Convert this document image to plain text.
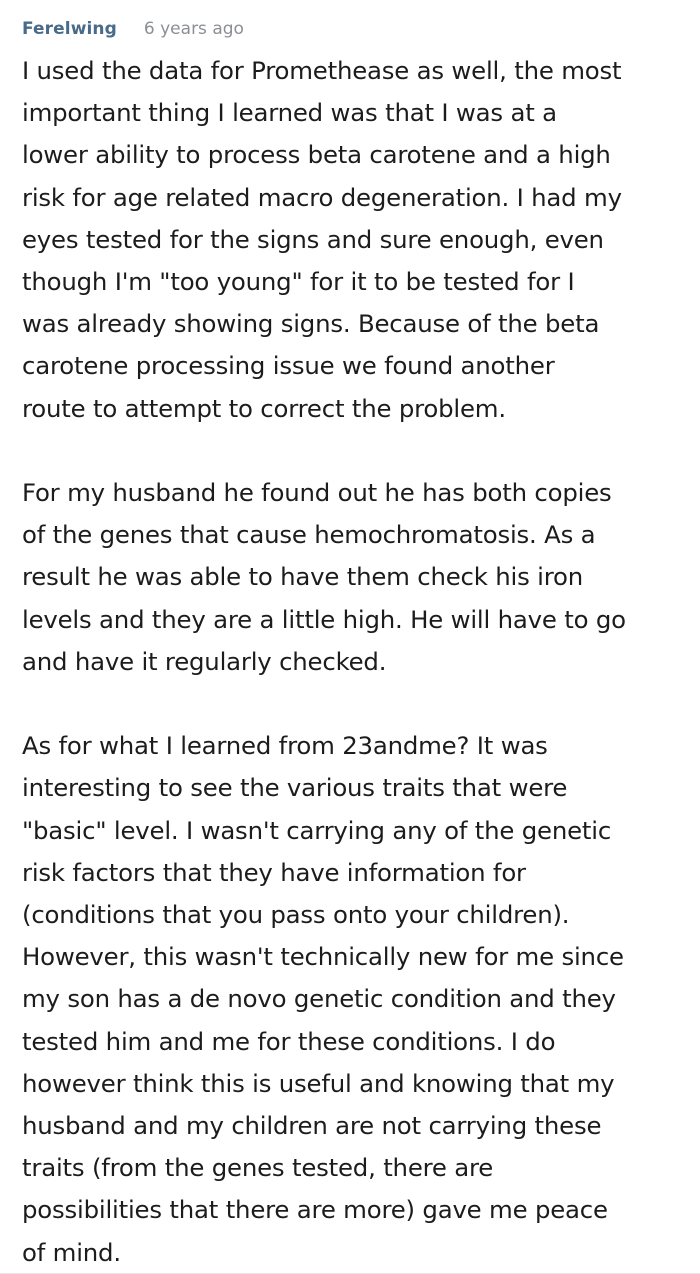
Ferelwing 6 years ago

I used the data for Promethease as well, the most
important thing I learned was that I was at a
lower ability to process beta carotene and a high
risk for age related macro degeneration. I had my
eyes tested for the signs and sure enough, even
though I'm "too young" for it to be tested for I
was already showing signs. Because of the beta
carotene processing issue we found another
route to attempt to correct the problem.

For my husband he found out he has both copies
of the genes that cause hemochromatosis. As a
result he was able to have them check his iron
levels and they are a little high. He will have to go
and have it regularly checked.

As for what I learned from 23andme? It was
interesting to see the various traits that were
"basic" level. I wasn't carrying any of the genetic
risk factors that they have information for
(conditions that you pass onto your children).
However, this wasn't technically new for me since
my son has a de novo genetic condition and they
tested him and me for these conditions. I do
however think this is useful and knowing that my
husband and my children are not carrying these
traits (from the genes tested, there are
possibilities that there are more) gave me peace
of mind.
